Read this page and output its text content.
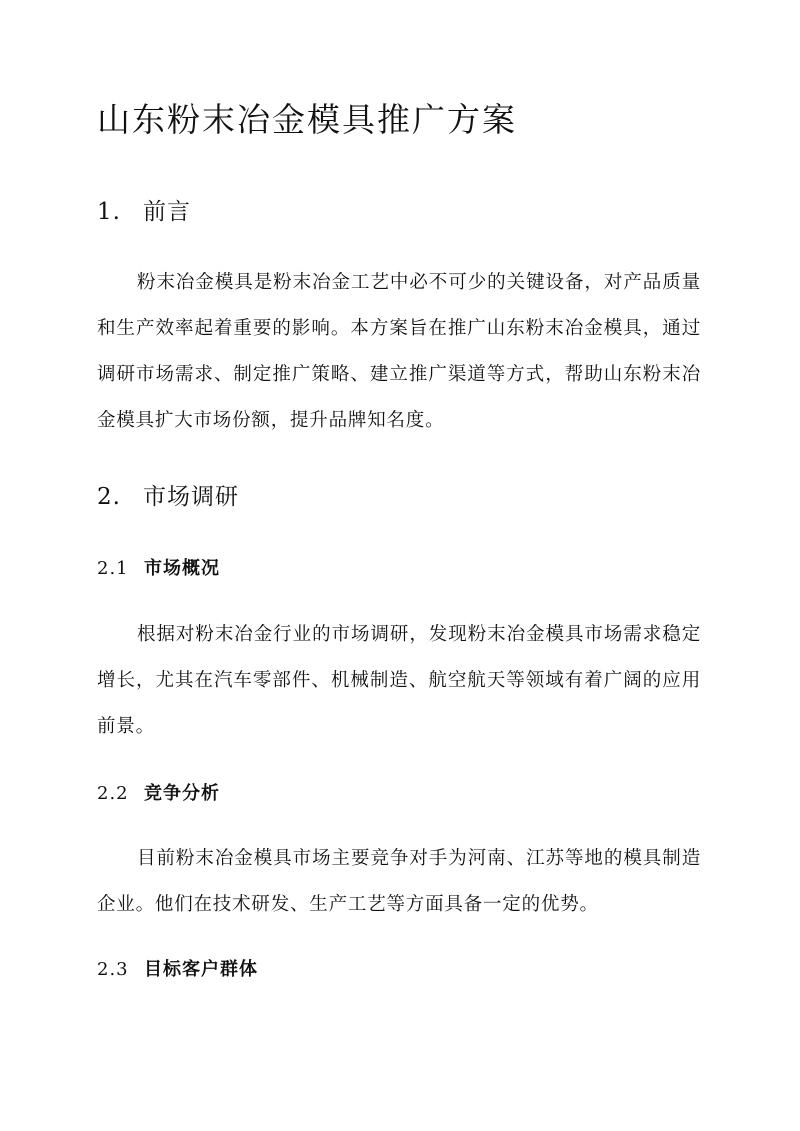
山东粉末冶金模具推广方案
1. 前言

粉末冶金模具是粉末冶金工艺中必不可少的关键设备，对产品质量和生产效率起着重要的影响。本方案旨在推广山东粉末冶金模具，通过调研市场需求、制定推广策略、建立推广渠道等方式，帮助山东粉末冶金模具扩大市场份额，提升品牌知名度。

2. 市场调研
2.1 市场概况

根据对粉末冶金行业的市场调研，发现粉末冶金模具市场需求稳定增长，尤其在汽车零部件、机械制造、航空航天等领域有着广阔的应用前景。

2.2 竞争分析

目前粉末冶金模具市场主要竞争对手为河南、江苏等地的模具制造企业。他们在技术研发、生产工艺等方面具备一定的优势。

2.3 目标客户群体
